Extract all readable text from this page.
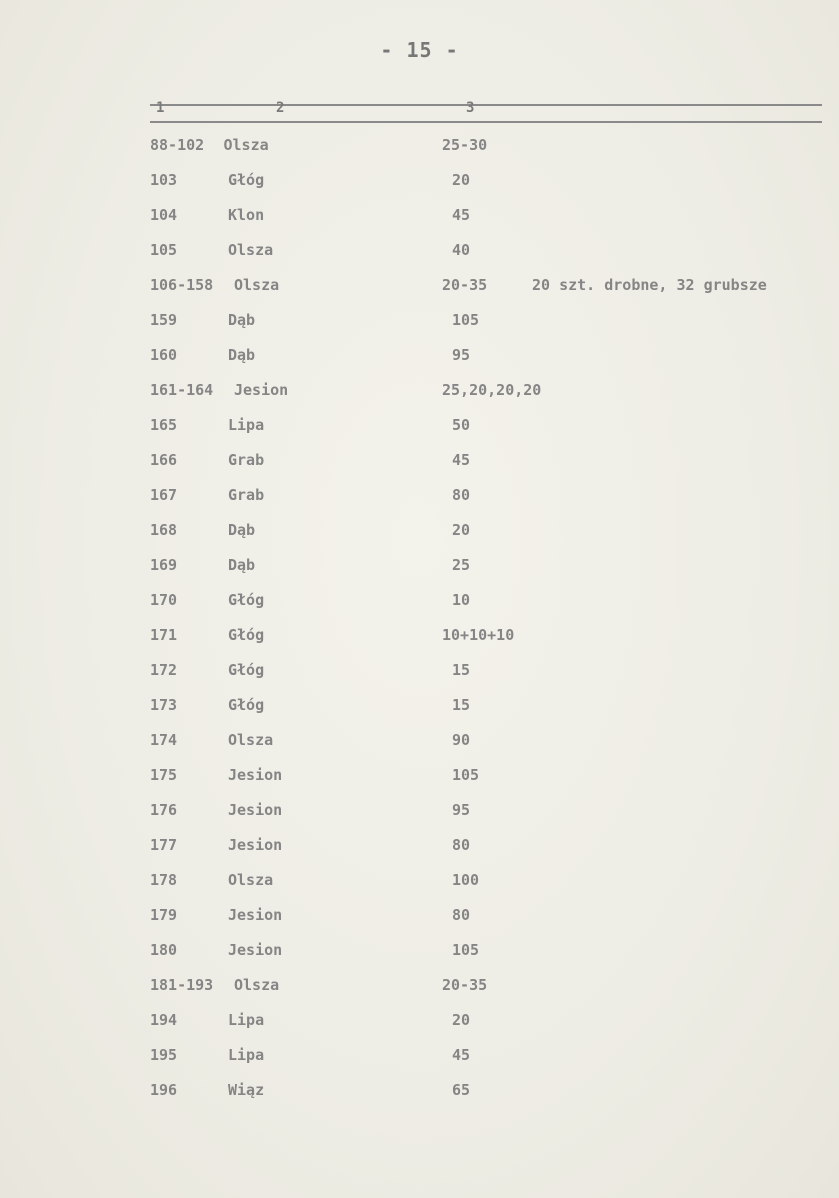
- 15 -
1	2	3
88-102 Olsza	25-30
103	Głóg	20
104	Klon	45
105	Olsza	40
106-158 Olsza	20-35	20 szt. drobne, 32 grubsze
159	Dąb	105
160	Dąb	95
161-164 Jesion	25,20,20,20
165	Lipa	50
166	Grab	45
167	Grab	80
168	Dąb	20
169	Dąb	25
170	Głóg	10
171	Głóg	10+10+10
172	Głóg	15
173	Głóg	15
174	Olsza	90
175	Jesion	105
176	Jesion	95
177	Jesion	80
178	Olsza	100
179	Jesion	80
180	Jesion	105
181-193 Olsza	20-35
194	Lipa	20
195	Lipa	45
196	Wiąz	65
